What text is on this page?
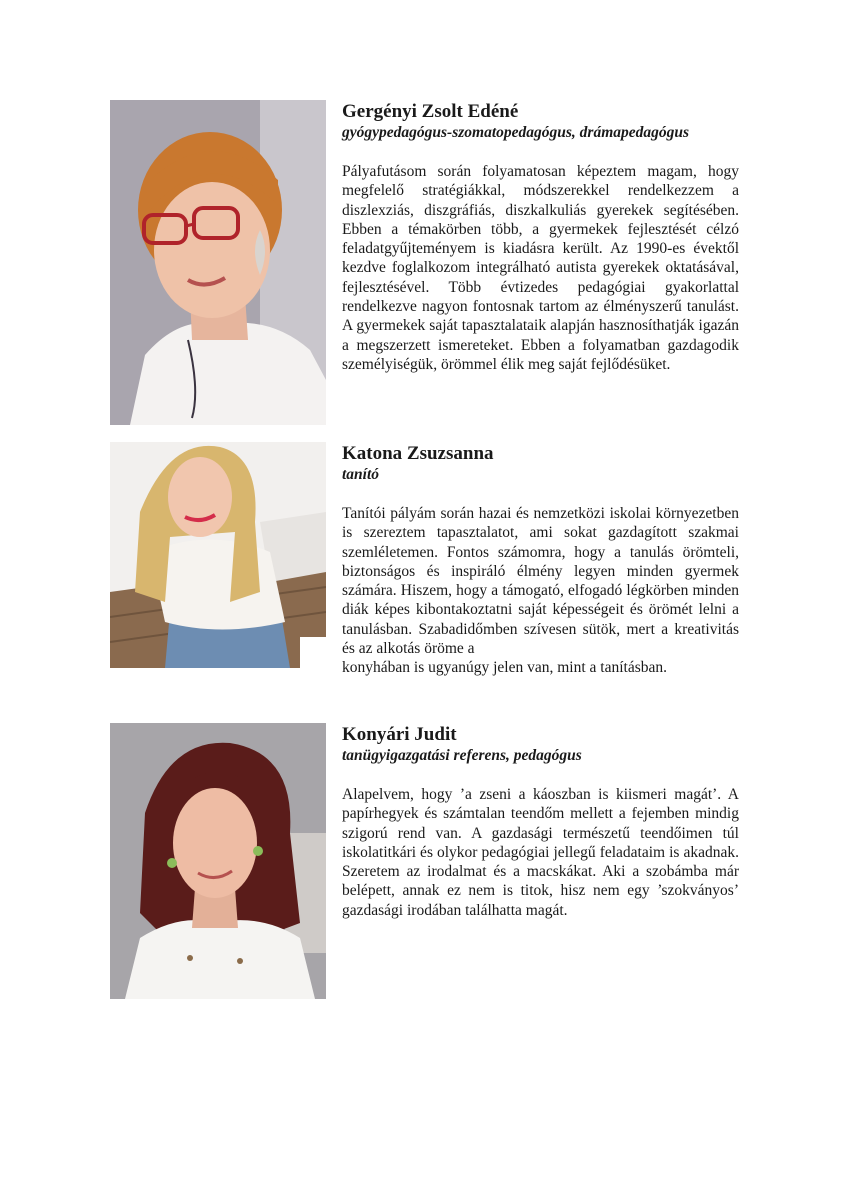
Gergényi Zsolt Edéné
gyógypedagógus-szomatopedagógus, drámapedagógus

Pályafutásom során folyamatosan képeztem magam, hogy megfelelő stratégiákkal, módszerekkel rendelkezzem a diszlexziás, diszgráfiás, diszkalkuliás gyerekek segítésében. Ebben a témakörben több, a gyermekek fejlesztését célzó feladatgyűjteményem is kiadásra került. Az 1990-es évektől kezdve foglalkozom integrálható autista gyerekek oktatásával, fejlesztésével. Több évtizedes pedagógiai gyakorlattal rendelkezve nagyon fontosnak tartom az élményszerű tanulást. A gyermekek saját tapasztalataik alapján hasznosíthatják igazán a megszerzett ismereteket. Ebben a folyamatban gazdagodik személyiségük, örömmel élik meg saját fejlődésüket.

Katona Zsuzsanna
tanító

Tanítói pályám során hazai és nemzetközi iskolai környezetben is szereztem tapasztalatot, ami sokat gazdagított szakmai szemléletemen. Fontos számomra, hogy a tanulás örömteli, biztonságos és inspiráló élmény legyen minden gyermek számára. Hiszem, hogy a támogató, elfogadó légkörben minden diák képes kibontakoztatni saját képességeit és örömét lelni a tanulásban. Szabadidőmben szívesen sütök, mert a kreativitás és az alkotás öröme a
konyhában is ugyanúgy jelen van, mint a tanításban.

Konyári Judit
tanügyigazgatási referens, pedagógus

Alapelvem, hogy ’a zseni a káoszban is kiismeri magát’. A papírhegyek és számtalan teendőm mellett a fejemben mindig szigorú rend van. A gazdasági természetű teendőimen túl iskolatitkári és olykor pedagógiai jellegű feladataim is akadnak. Szeretem az irodalmat és a macskákat. Aki a szobámba már belépett, annak ez nem is titok, hisz nem egy ’szokványos’ gazdasági irodában találhatta magát.
